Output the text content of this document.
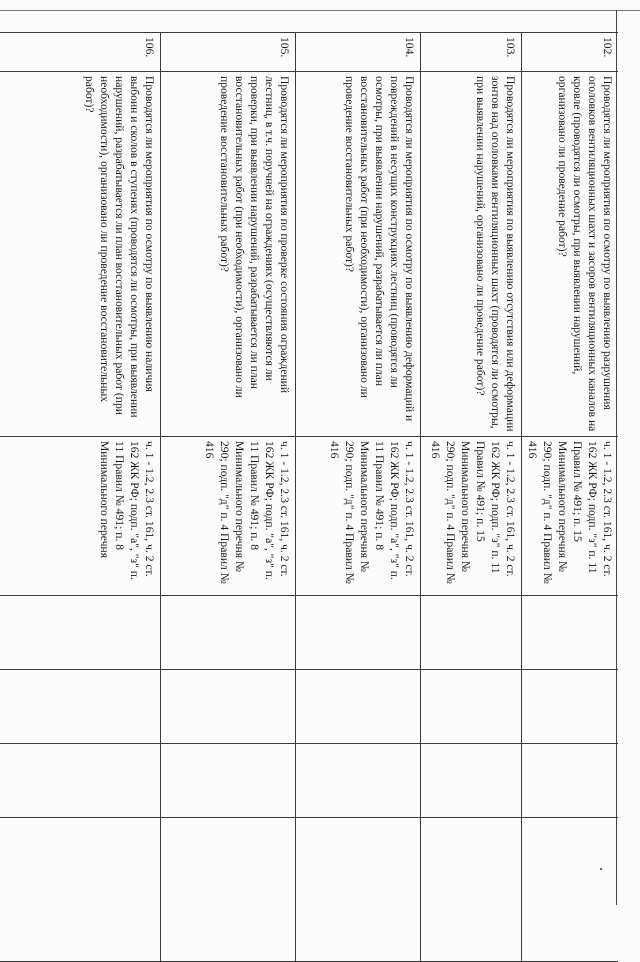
102.	Проводятся ли мероприятия по осмотру по выявлению разрушения оголовков вентиляционных шахт и засоров вентиляционных каналов на кровле (проводятся ли осмотры, при выявлении нарушений, организовано ли проведение работ)?	ч. 1 - 1.2, 2.3 ст. 161, ч. 2 ст. 162 ЖК РФ; подп. "з" п. 11 Правил № 491; п. 15 Минимального перечня № 290; подп. "д" п. 4 Правил № 416				
103.	Проводятся ли мероприятия по выявлению отсутствия или деформации зонтов над оголовками вентиляционных шахт (проводятся ли осмотры, при выявлении нарушений, организовано ли проведение работ)?	ч. 1 - 1.2, 2.3 ст. 161, ч. 2 ст. 162 ЖК РФ; подп. "з" п. 11 Правил № 491; п. 15 Минимального перечня № 290; подп. "д" п. 4 Правил № 416				
104.	Проводятся ли мероприятия по осмотру по выявлению деформаций и повреждений в несущих конструкциях лестниц (проводятся ли осмотры, при выявлении нарушений, разрабатывается ли план восстановительных работ (при необходимости), организовано ли проведение восстановительных работ)?	ч. 1 - 1.2, 2.3 ст. 161, ч. 2 ст. 162 ЖК РФ; подп. "а", "з" п. 11 Правил № 491; п. 8 Минимального перечня № 290; подп. "д" п. 4 Правил № 416				
105.	Проводятся ли мероприятия по проверке состояния ограждений лестниц, в т.ч. поручней на ограждениях (осуществляются ли проверки, при выявлении нарушений, разрабатывается ли план восстановительных работ (при необходимости), организовано ли проведение восстановительных работ)?	ч. 1 - 1.2, 2.3 ст. 161, ч. 2 ст. 162 ЖК РФ; подп. "а", "з" п. 11 Правил № 491; п. 8 Минимального перечня № 290; подп. "д" п. 4 Правил № 416				
106.	Проводятся ли мероприятия по осмотру по выявлению наличия выбоин и сколов в ступенях (проводятся ли осмотры, при выявлении нарушений, разрабатывается ли план восстановительных работ (при необходимости), организовано ли проведение восстановительных работ)?	ч. 1 - 1.2, 2.3 ст. 161, ч. 2 ст. 162 ЖК РФ; подп. "а", "з" п. 11 Правил № 491; п. 8 Минимального перечня				
